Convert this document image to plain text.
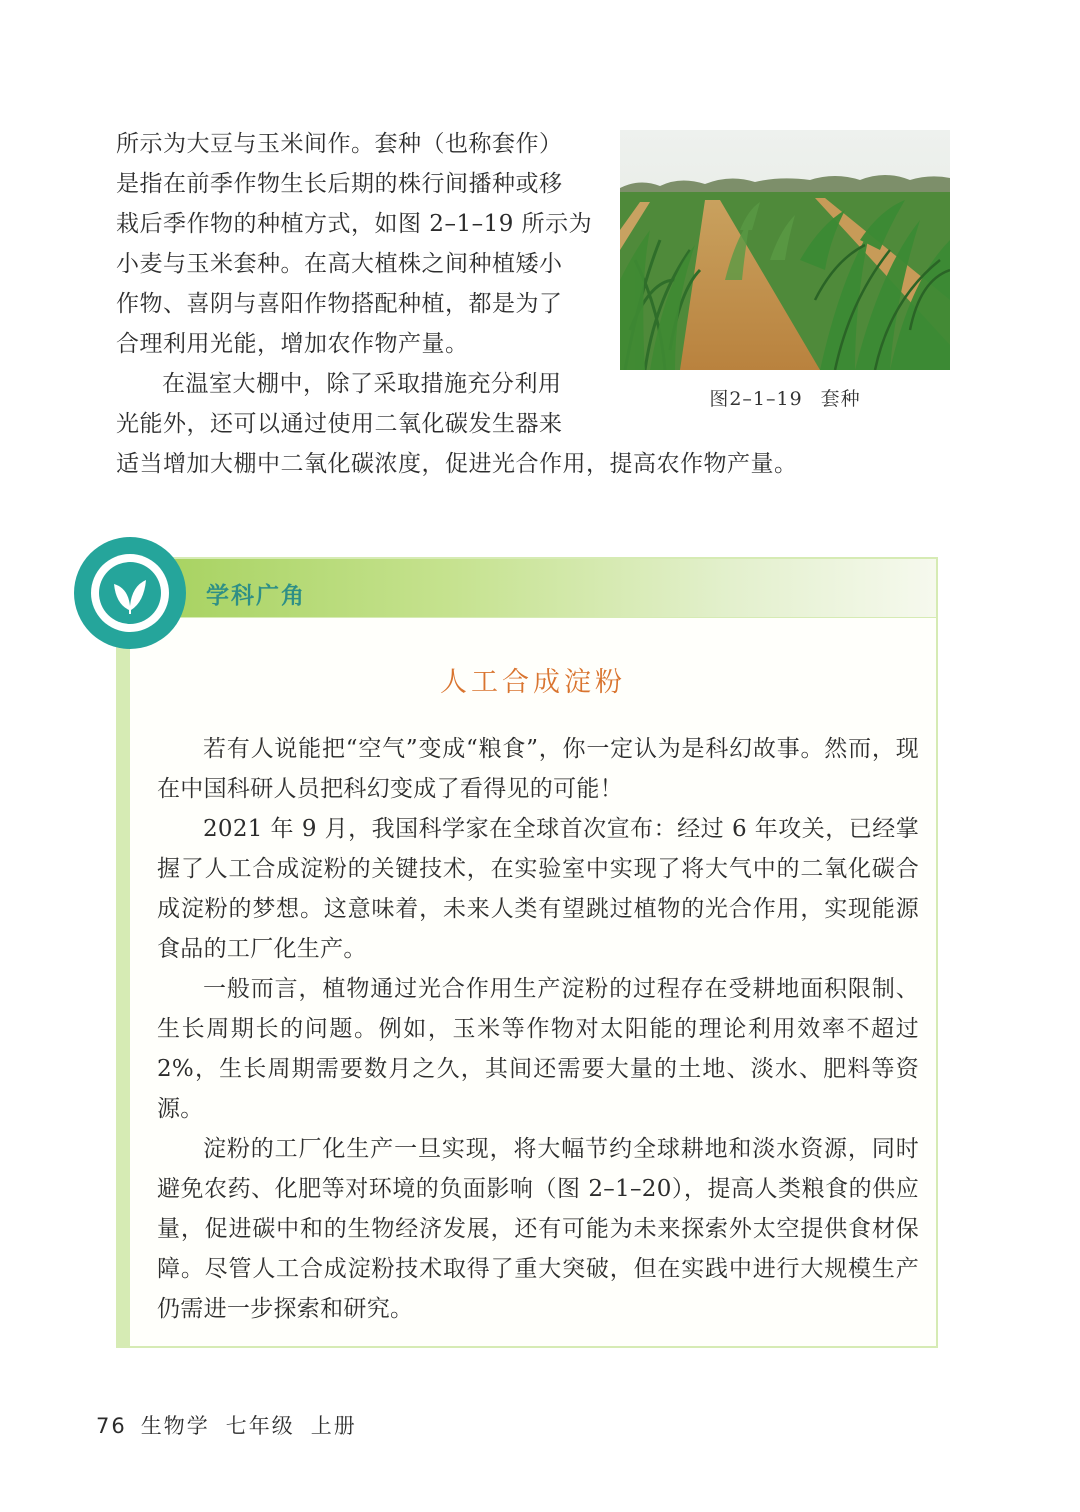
所示为大豆与玉米间作。套种（也称套作）

是指在前季作物生长后期的株行间播种或移

栽后季作物的种植方式，如图 2–1–19 所示为

小麦与玉米套种。在高大植株之间种植矮小

作物、喜阴与喜阳作物搭配种植，都是为了

合理利用光能，增加农作物产量。

在温室大棚中，除了采取措施充分利用

光能外，还可以通过使用二氧化碳发生器来

适当增加大棚中二氧化碳浓度，促进光合作用，提高农作物产量。
图2–1–19 套种
学科广角
人工合成淀粉

若有人说能把“空气”变成“粮食”，你一定认为是科幻故事。然而，现在中国科研人员把科幻变成了看得见的可能！

2021 年 9 月，我国科学家在全球首次宣布：经过 6 年攻关，已经掌握了人工合成淀粉的关键技术，在实验室中实现了将大气中的二氧化碳合成淀粉的梦想。这意味着，未来人类有望跳过植物的光合作用，实现能源食品的工厂化生产。

一般而言，植物通过光合作用生产淀粉的过程存在受耕地面积限制、生长周期长的问题。例如，玉米等作物对太阳能的理论利用效率不超过 2%，生长周期需要数月之久，其间还需要大量的土地、淡水、肥料等资源。

淀粉的工厂化生产一旦实现，将大幅节约全球耕地和淡水资源，同时避免农药、化肥等对环境的负面影响（图 2–1–20），提高人类粮食的供应量，促进碳中和的生物经济发展，还有可能为未来探索外太空提供食材保障。尽管人工合成淀粉技术取得了重大突破，但在实践中进行大规模生产仍需进一步探索和研究。

76 生物学 七年级 上册
